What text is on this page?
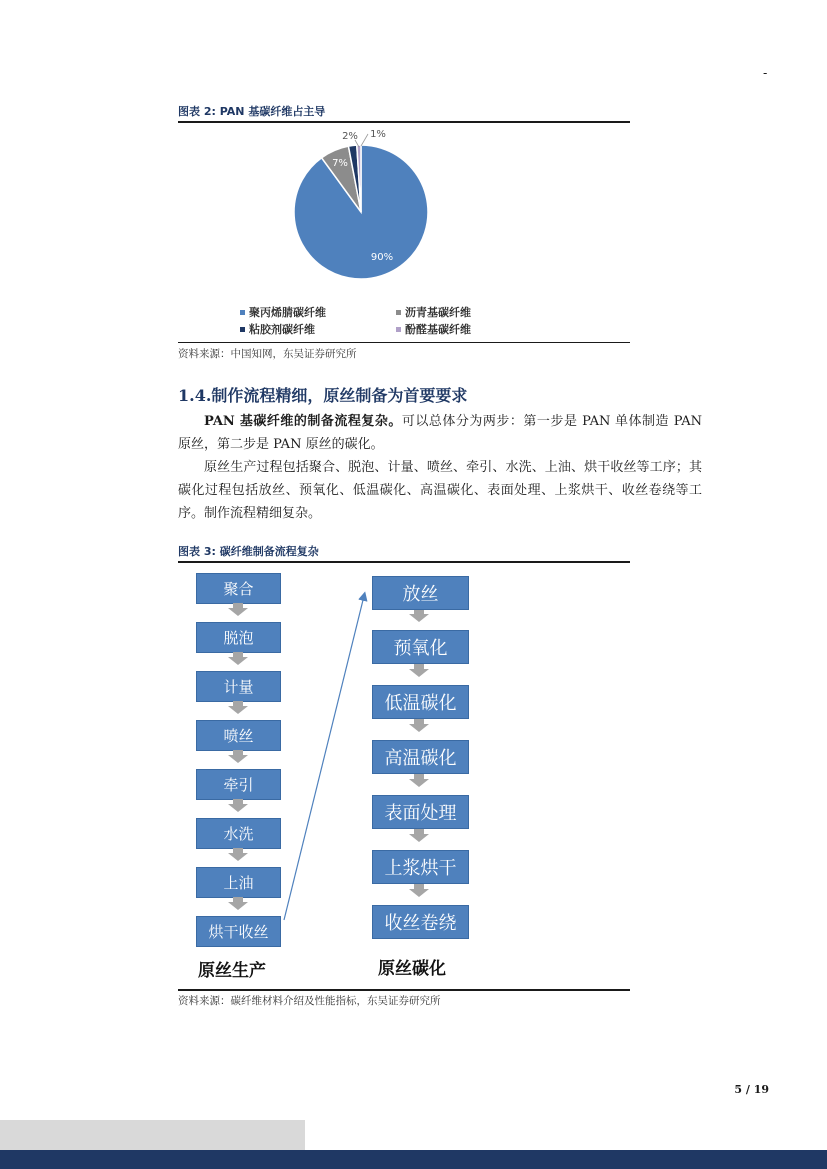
-
图表 2: PAN 基碳纤维占主导
90%
7%
2% 1%
聚丙烯腈碳纤维	沥青基碳纤维
粘胶剂碳纤维	酚醛基碳纤维
资料来源：中国知网，东吴证券研究所
1.4.制作流程精细，原丝制备为首要要求
PAN 基碳纤维的制备流程复杂。可以总体分为两步：第一步是 PAN 单体制造 PAN 原丝，第二步是 PAN 原丝的碳化。
原丝生产过程包括聚合、脱泡、计量、喷丝、牵引、水洗、上油、烘干收丝等工序；其碳化过程包括放丝、预氧化、低温碳化、高温碳化、表面处理、上浆烘干、收丝卷绕等工序。制作流程精细复杂。
图表 3: 碳纤维制备流程复杂
聚合
脱泡
计量
喷丝
牵引
水洗
上油
烘干收丝
放丝
预氧化
低温碳化
高温碳化
表面处理
上浆烘干
收丝卷绕
原丝生产	原丝碳化
资料来源：碳纤维材料介绍及性能指标，东吴证券研究所
5 / 19
